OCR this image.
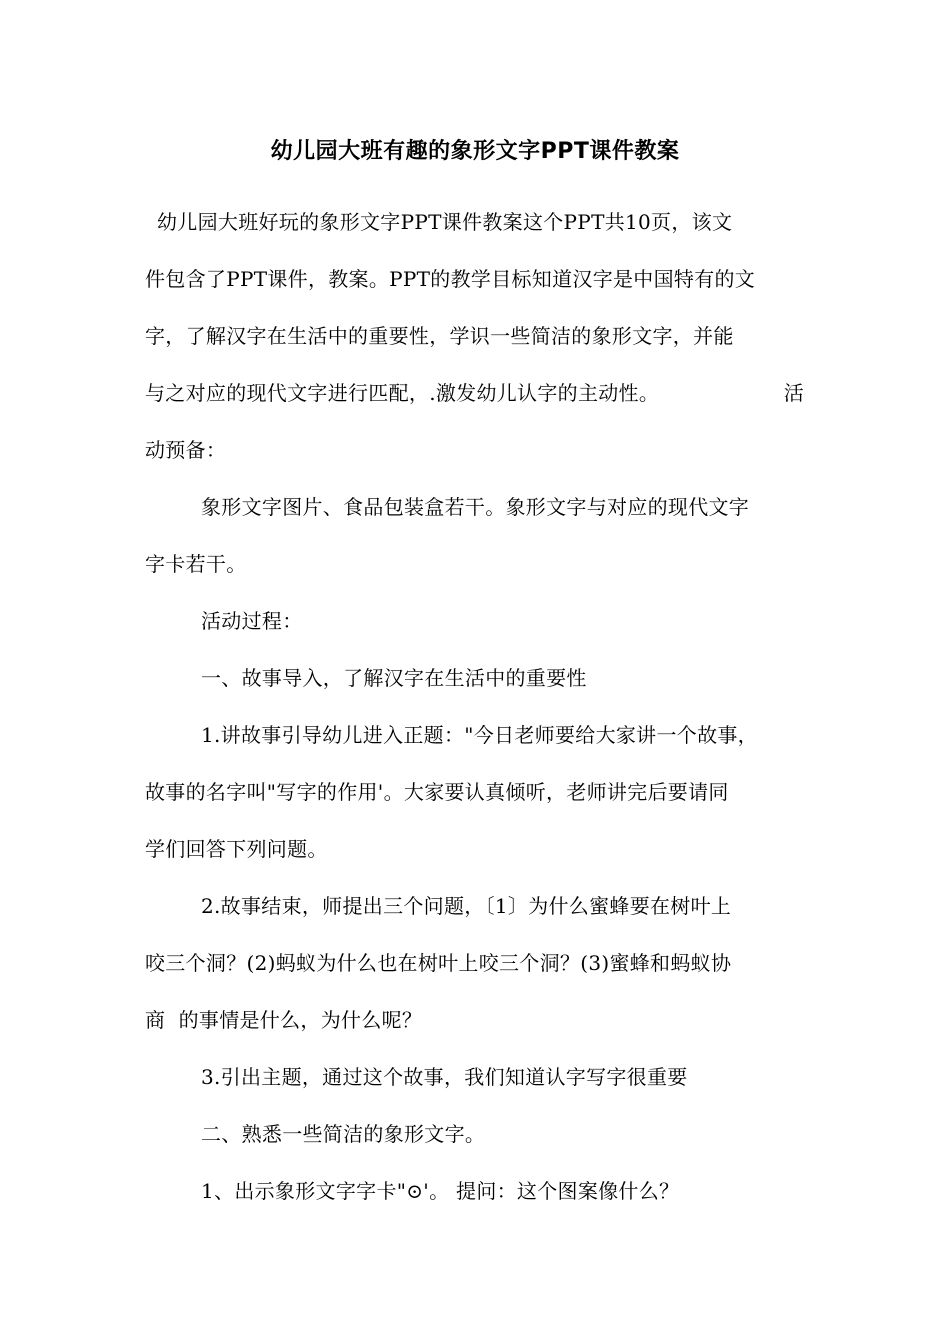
幼儿园大班有趣的象形文字PPT课件教案
幼儿园大班好玩的象形文字PPT课件教案这个PPT共10页，该文
件包含了PPT课件，教案。PPT的教学目标知道汉字是中国特有的文
字，了解汉字在生活中的重要性，学识一些简洁的象形文字，并能
与之对应的现代文字进行匹配，.激发幼儿认字的主动性。	活
动预备：
象形文字图片、食品包装盒若干。象形文字与对应的现代文字
字卡若干。
活动过程：
一、故事导入，了解汉字在生活中的重要性
1.讲故事引导幼儿进入正题："今日老师要给大家讲一个故事，
故事的名字叫"写字的作用'。大家要认真倾听，老师讲完后要请同
学们回答下列问题。
2.故事结束，师提出三个问题，〔1〕为什么蜜蜂要在树叶上
咬三个洞？(2)蚂蚁为什么也在树叶上咬三个洞？(3)蜜蜂和蚂蚁协
商  的事情是什么，为什么呢？
3.引出主题，通过这个故事，我们知道认字写字很重要
二、熟悉一些简洁的象形文字。
1、出示象形文字字卡"⊙'。 提问：这个图案像什么？
